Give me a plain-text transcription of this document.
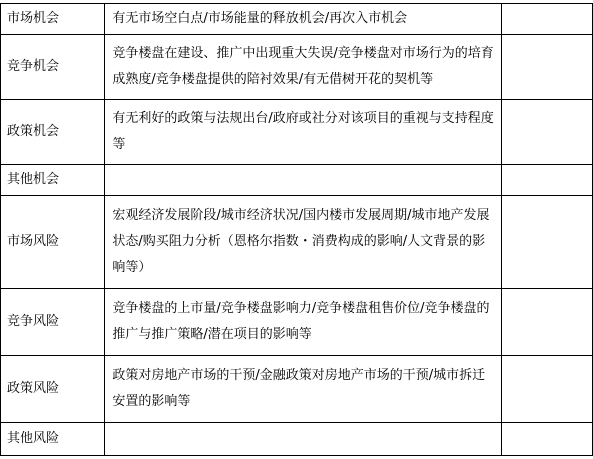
市场机会	有无市场空白点/市场能量的释放机会/再次入市机会	

竞争机会	竞争楼盘在建设、推广中出现重大失误/竞争楼盘对市场行为的培育成熟度/竞争楼盘提供的陪衬效果/有无借树开花的契机等	

政策机会	有无利好的政策与法规出台/政府或社分对该项目的重视与支持程度等	

其他机会		

市场风险	宏观经济发展阶段/城市经济状况/国内楼市发展周期/城市地产发展状态/购买阻力分析（恩格尔指数・消费构成的影响/人文背景的影响等）	

竞争风险	竞争楼盘的上市量/竞争楼盘影响力/竞争楼盘租售价位/竞争楼盘的推广与推广策略/潜在项目的影响等	

政策风险	政策对房地产市场的干预/金融政策对房地产市场的干预/城市拆迁安置的影响等	

其他风险		
